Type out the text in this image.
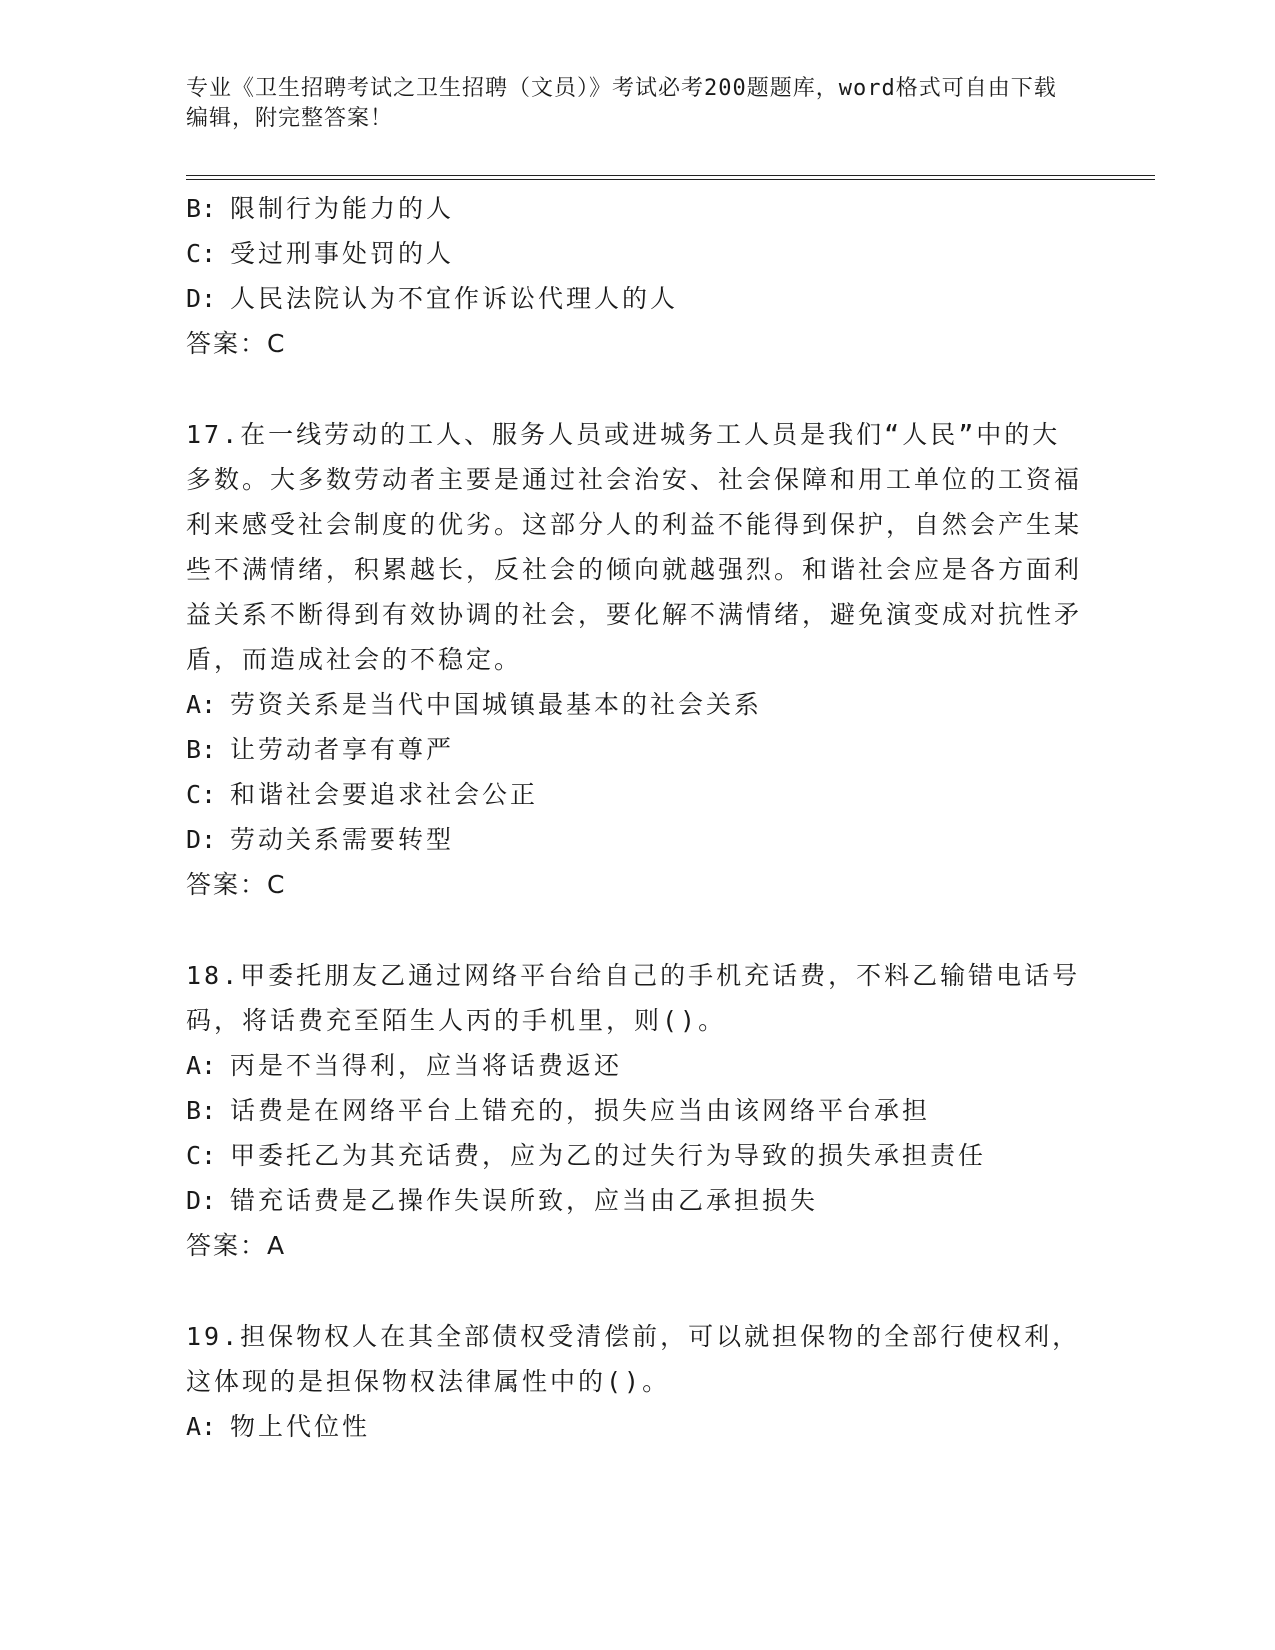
专业《卫生招聘考试之卫生招聘（文员）》考试必考200题题库，word格式可自由下载编辑，附完整答案！

B: 限制行为能力的人
C: 受过刑事处罚的人
D: 人民法院认为不宜作诉讼代理人的人
答案：C
17.在一线劳动的工人、服务人员或进城务工人员是我们“人民”中的大多数。大多数劳动者主要是通过社会治安、社会保障和用工单位的工资福利来感受社会制度的优劣。这部分人的利益不能得到保护，自然会产生某些不满情绪，积累越长，反社会的倾向就越强烈。和谐社会应是各方面利益关系不断得到有效协调的社会，要化解不满情绪，避免演变成对抗性矛盾，而造成社会的不稳定。
A: 劳资关系是当代中国城镇最基本的社会关系
B: 让劳动者享有尊严
C: 和谐社会要追求社会公正
D: 劳动关系需要转型
答案：C
18.甲委托朋友乙通过网络平台给自己的手机充话费，不料乙输错电话号码，将话费充至陌生人丙的手机里，则()。
A: 丙是不当得利，应当将话费返还
B: 话费是在网络平台上错充的，损失应当由该网络平台承担
C: 甲委托乙为其充话费，应为乙的过失行为导致的损失承担责任
D: 错充话费是乙操作失误所致，应当由乙承担损失
答案：A
19.担保物权人在其全部债权受清偿前，可以就担保物的全部行使权利，这体现的是担保物权法律属性中的()。
A: 物上代位性
